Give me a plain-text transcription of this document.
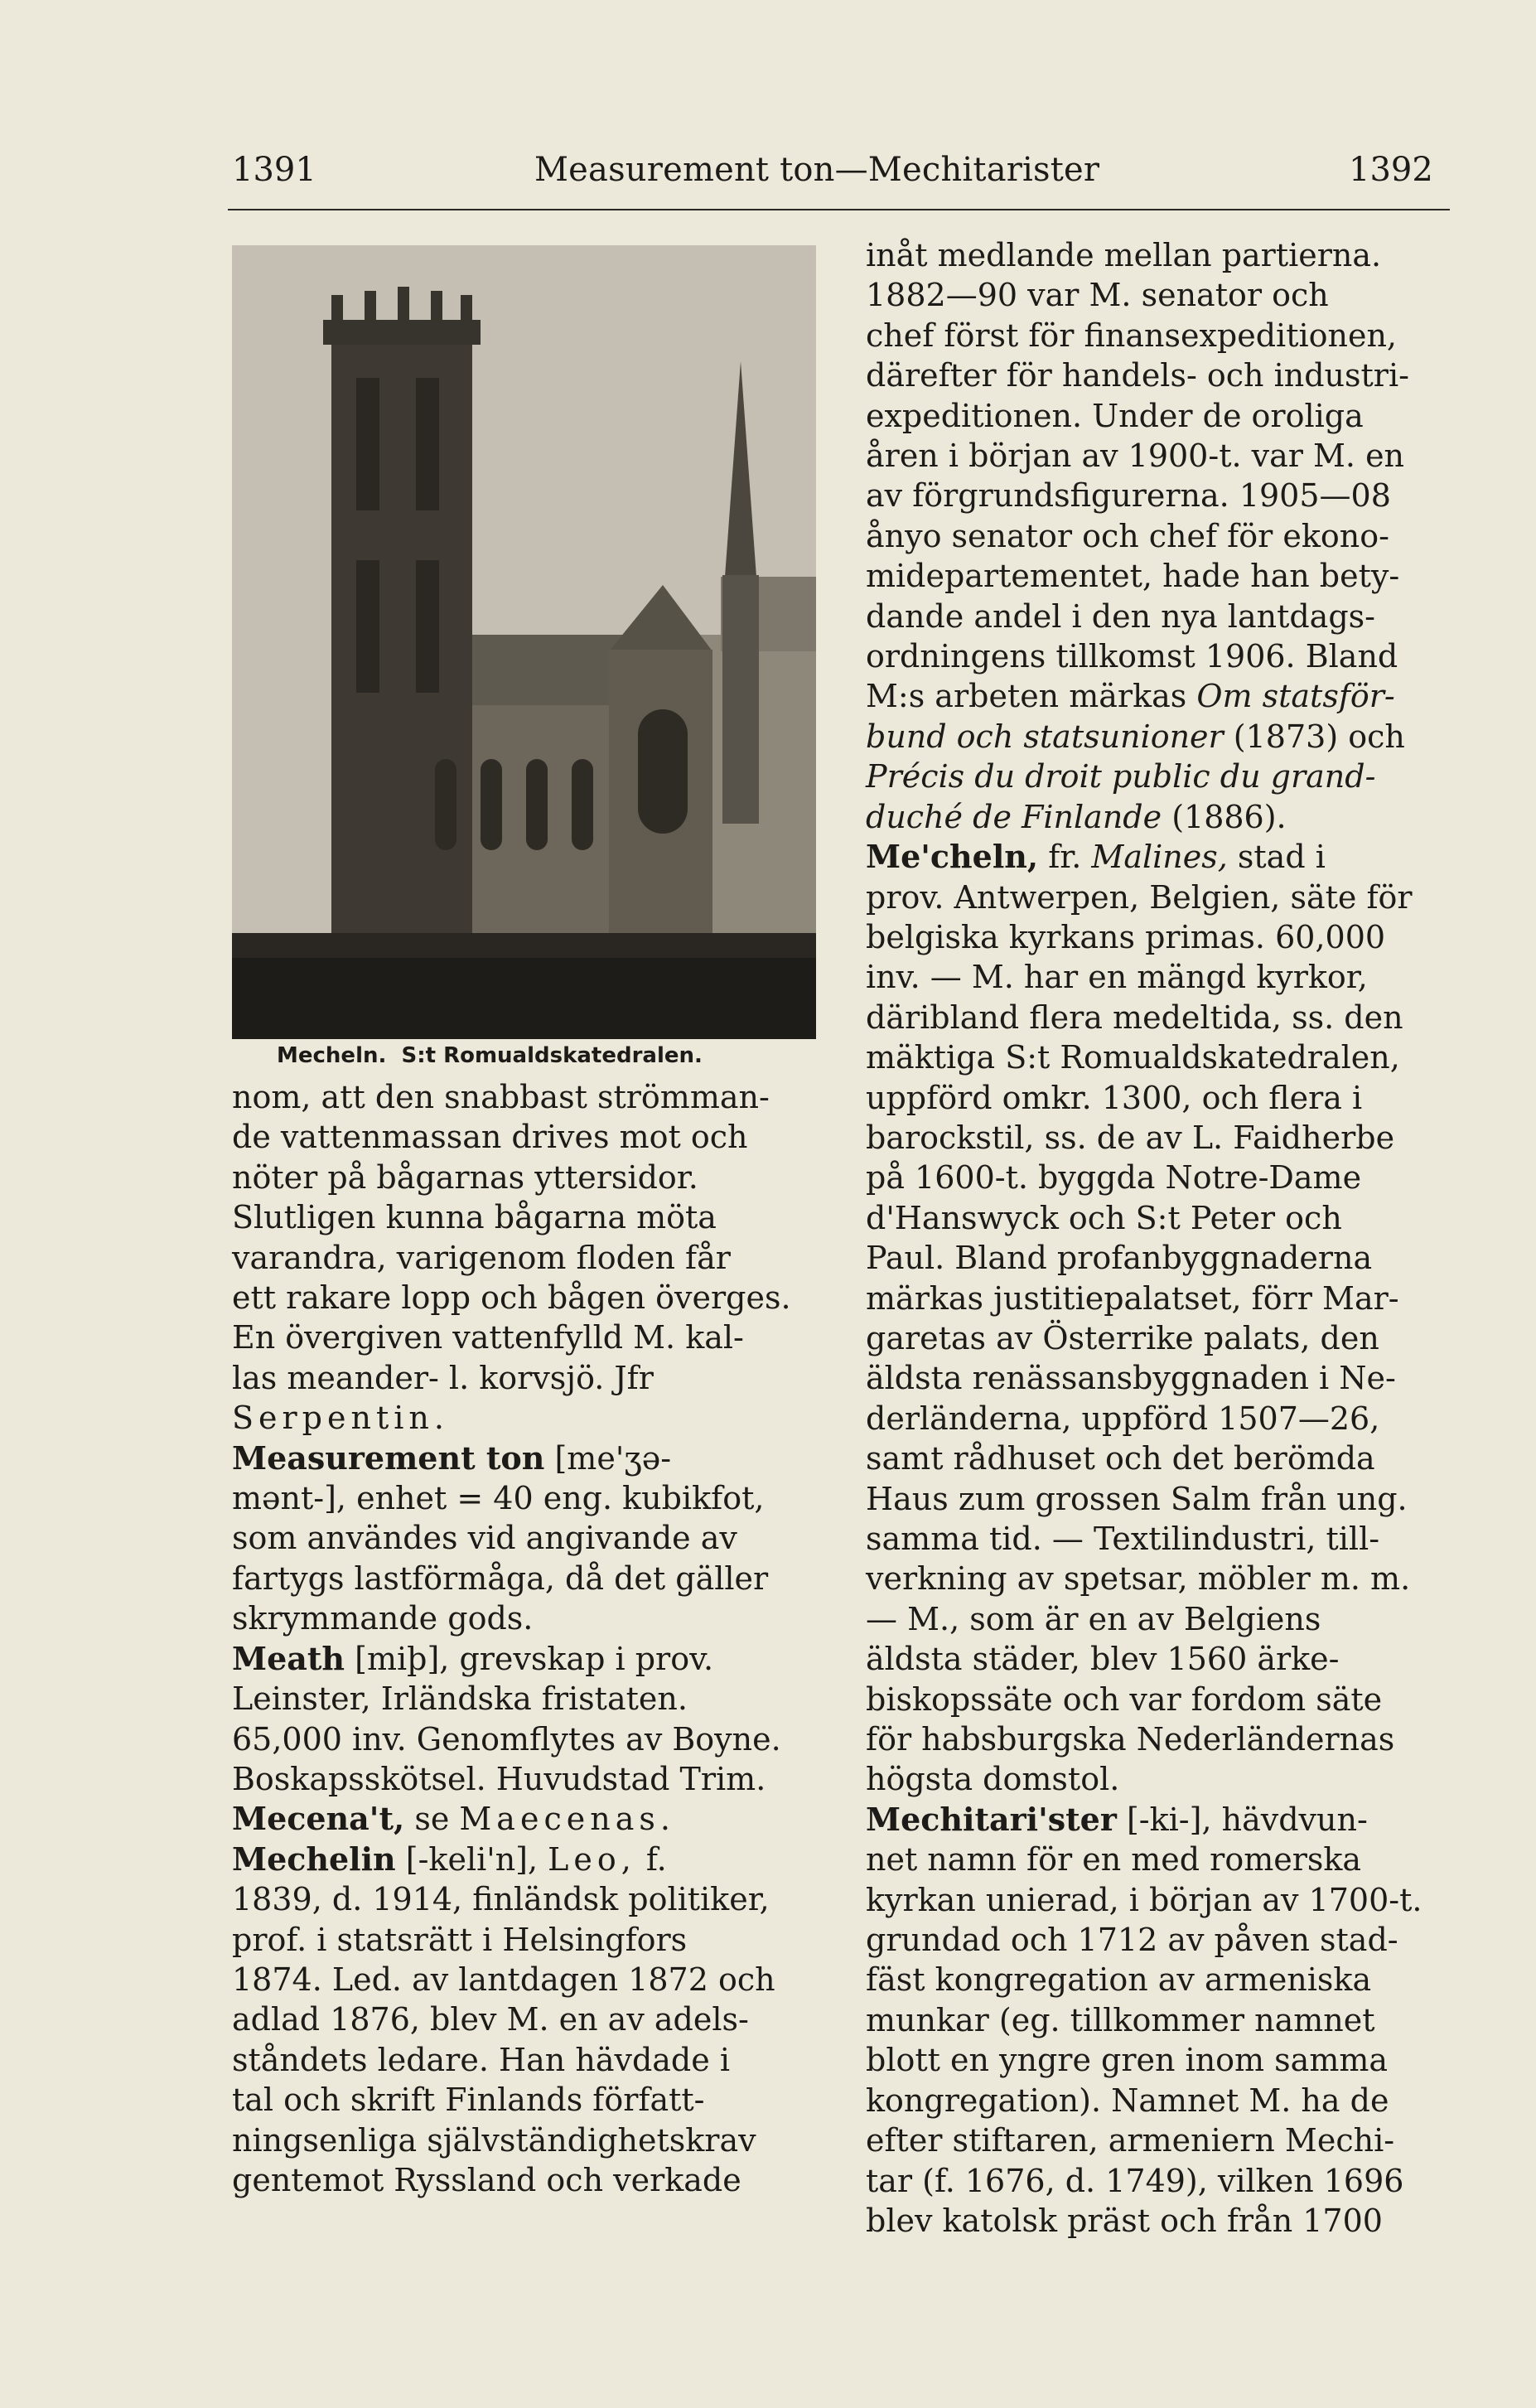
1391	Measurement ton—Mechitarister	1392
Mecheln.  S:t Romualdskatedralen.
nom, att den snabbast strömman-
de vattenmassan drives mot och
nöter på bågarnas yttersidor.
Slutligen kunna bågarna möta
varandra, varigenom floden får
ett rakare lopp och bågen överges.
En övergiven vattenfylld M. kal-
las meander- l. korvsjö. Jfr
Serpentin.
Measurement ton [me'ʒə-
mənt-], enhet = 40 eng. kubikfot,
som användes vid angivande av
fartygs lastförmåga, då det gäller
skrymmande gods.
Meath [miþ], grevskap i prov.
Leinster, Irländska fristaten.
65,000 inv. Genomflytes av Boyne.
Boskapsskötsel. Huvudstad Trim.
Mecena't, se Maecenas.
Mechelin [-keli'n], Leo, f.
1839, d. 1914, finländsk politiker,
prof. i statsrätt i Helsingfors
1874. Led. av lantdagen 1872 och
adlad 1876, blev M. en av adels-
ståndets ledare. Han hävdade i
tal och skrift Finlands författ-
ningsenliga självständighetskrav
gentemot Ryssland och verkade
inåt medlande mellan partierna.
1882—90 var M. senator och
chef först för finansexpeditionen,
därefter för handels- och industri-
expeditionen. Under de oroliga
åren i början av 1900-t. var M. en
av förgrundsfigurerna. 1905—08
ånyo senator och chef för ekono-
midepartementet, hade han bety-
dande andel i den nya lantdags-
ordningens tillkomst 1906. Bland
M:s arbeten märkas Om statsför-
bund och statsunioner (1873) och
Précis du droit public du grand-
duché de Finlande (1886).
Me'cheln, fr. Malines, stad i
prov. Antwerpen, Belgien, säte för
belgiska kyrkans primas. 60,000
inv. — M. har en mängd kyrkor,
däribland flera medeltida, ss. den
mäktiga S:t Romualdskatedralen,
uppförd omkr. 1300, och flera i
barockstil, ss. de av L. Faidherbe
på 1600-t. byggda Notre-Dame
d'Hanswyck och S:t Peter och
Paul. Bland profanbyggnaderna
märkas justitiepalatset, förr Mar-
garetas av Österrike palats, den
äldsta renässansbyggnaden i Ne-
derländerna, uppförd 1507—26,
samt rådhuset och det berömda
Haus zum grossen Salm från ung.
samma tid. — Textilindustri, till-
verkning av spetsar, möbler m. m.
— M., som är en av Belgiens
äldsta städer, blev 1560 ärke-
biskopssäte och var fordom säte
för habsburgska Nederländernas
högsta domstol.
Mechitari'ster [-ki-], hävdvun-
net namn för en med romerska
kyrkan unierad, i början av 1700-t.
grundad och 1712 av påven stad-
fäst kongregation av armeniska
munkar (eg. tillkommer namnet
blott en yngre gren inom samma
kongregation). Namnet M. ha de
efter stiftaren, armeniern Mechi-
tar (f. 1676, d. 1749), vilken 1696
blev katolsk präst och från 1700
